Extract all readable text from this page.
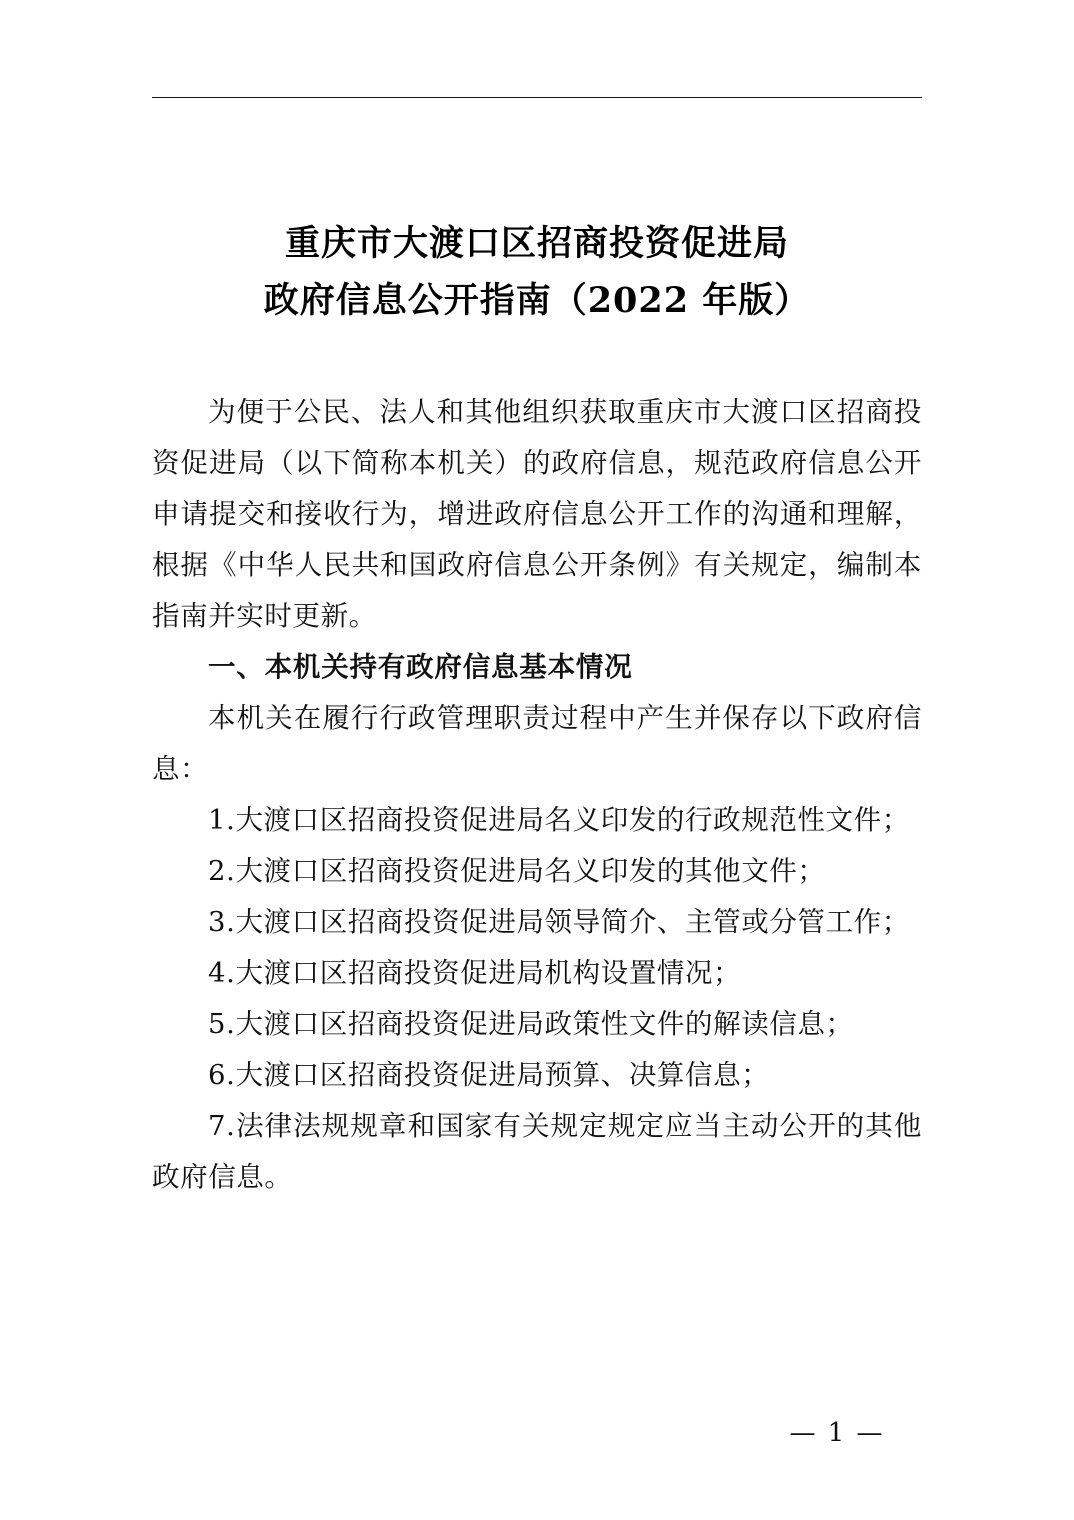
重庆市大渡口区招商投资促进局
政府信息公开指南（2022 年版）

为便于公民、法人和其他组织获取重庆市大渡口区招商投资促进局（以下简称本机关）的政府信息，规范政府信息公开申请提交和接收行为，增进政府信息公开工作的沟通和理解，根据《中华人民共和国政府信息公开条例》有关规定，编制本指南并实时更新。

一、本机关持有政府信息基本情况

本机关在履行行政管理职责过程中产生并保存以下政府信息：

1.大渡口区招商投资促进局名义印发的行政规范性文件；

2.大渡口区招商投资促进局名义印发的其他文件；

3.大渡口区招商投资促进局领导简介、主管或分管工作；

4.大渡口区招商投资促进局机构设置情况；

5.大渡口区招商投资促进局政策性文件的解读信息；

6.大渡口区招商投资促进局预算、决算信息；

7.法律法规规章和国家有关规定规定应当主动公开的其他政府信息。

— 1 —
